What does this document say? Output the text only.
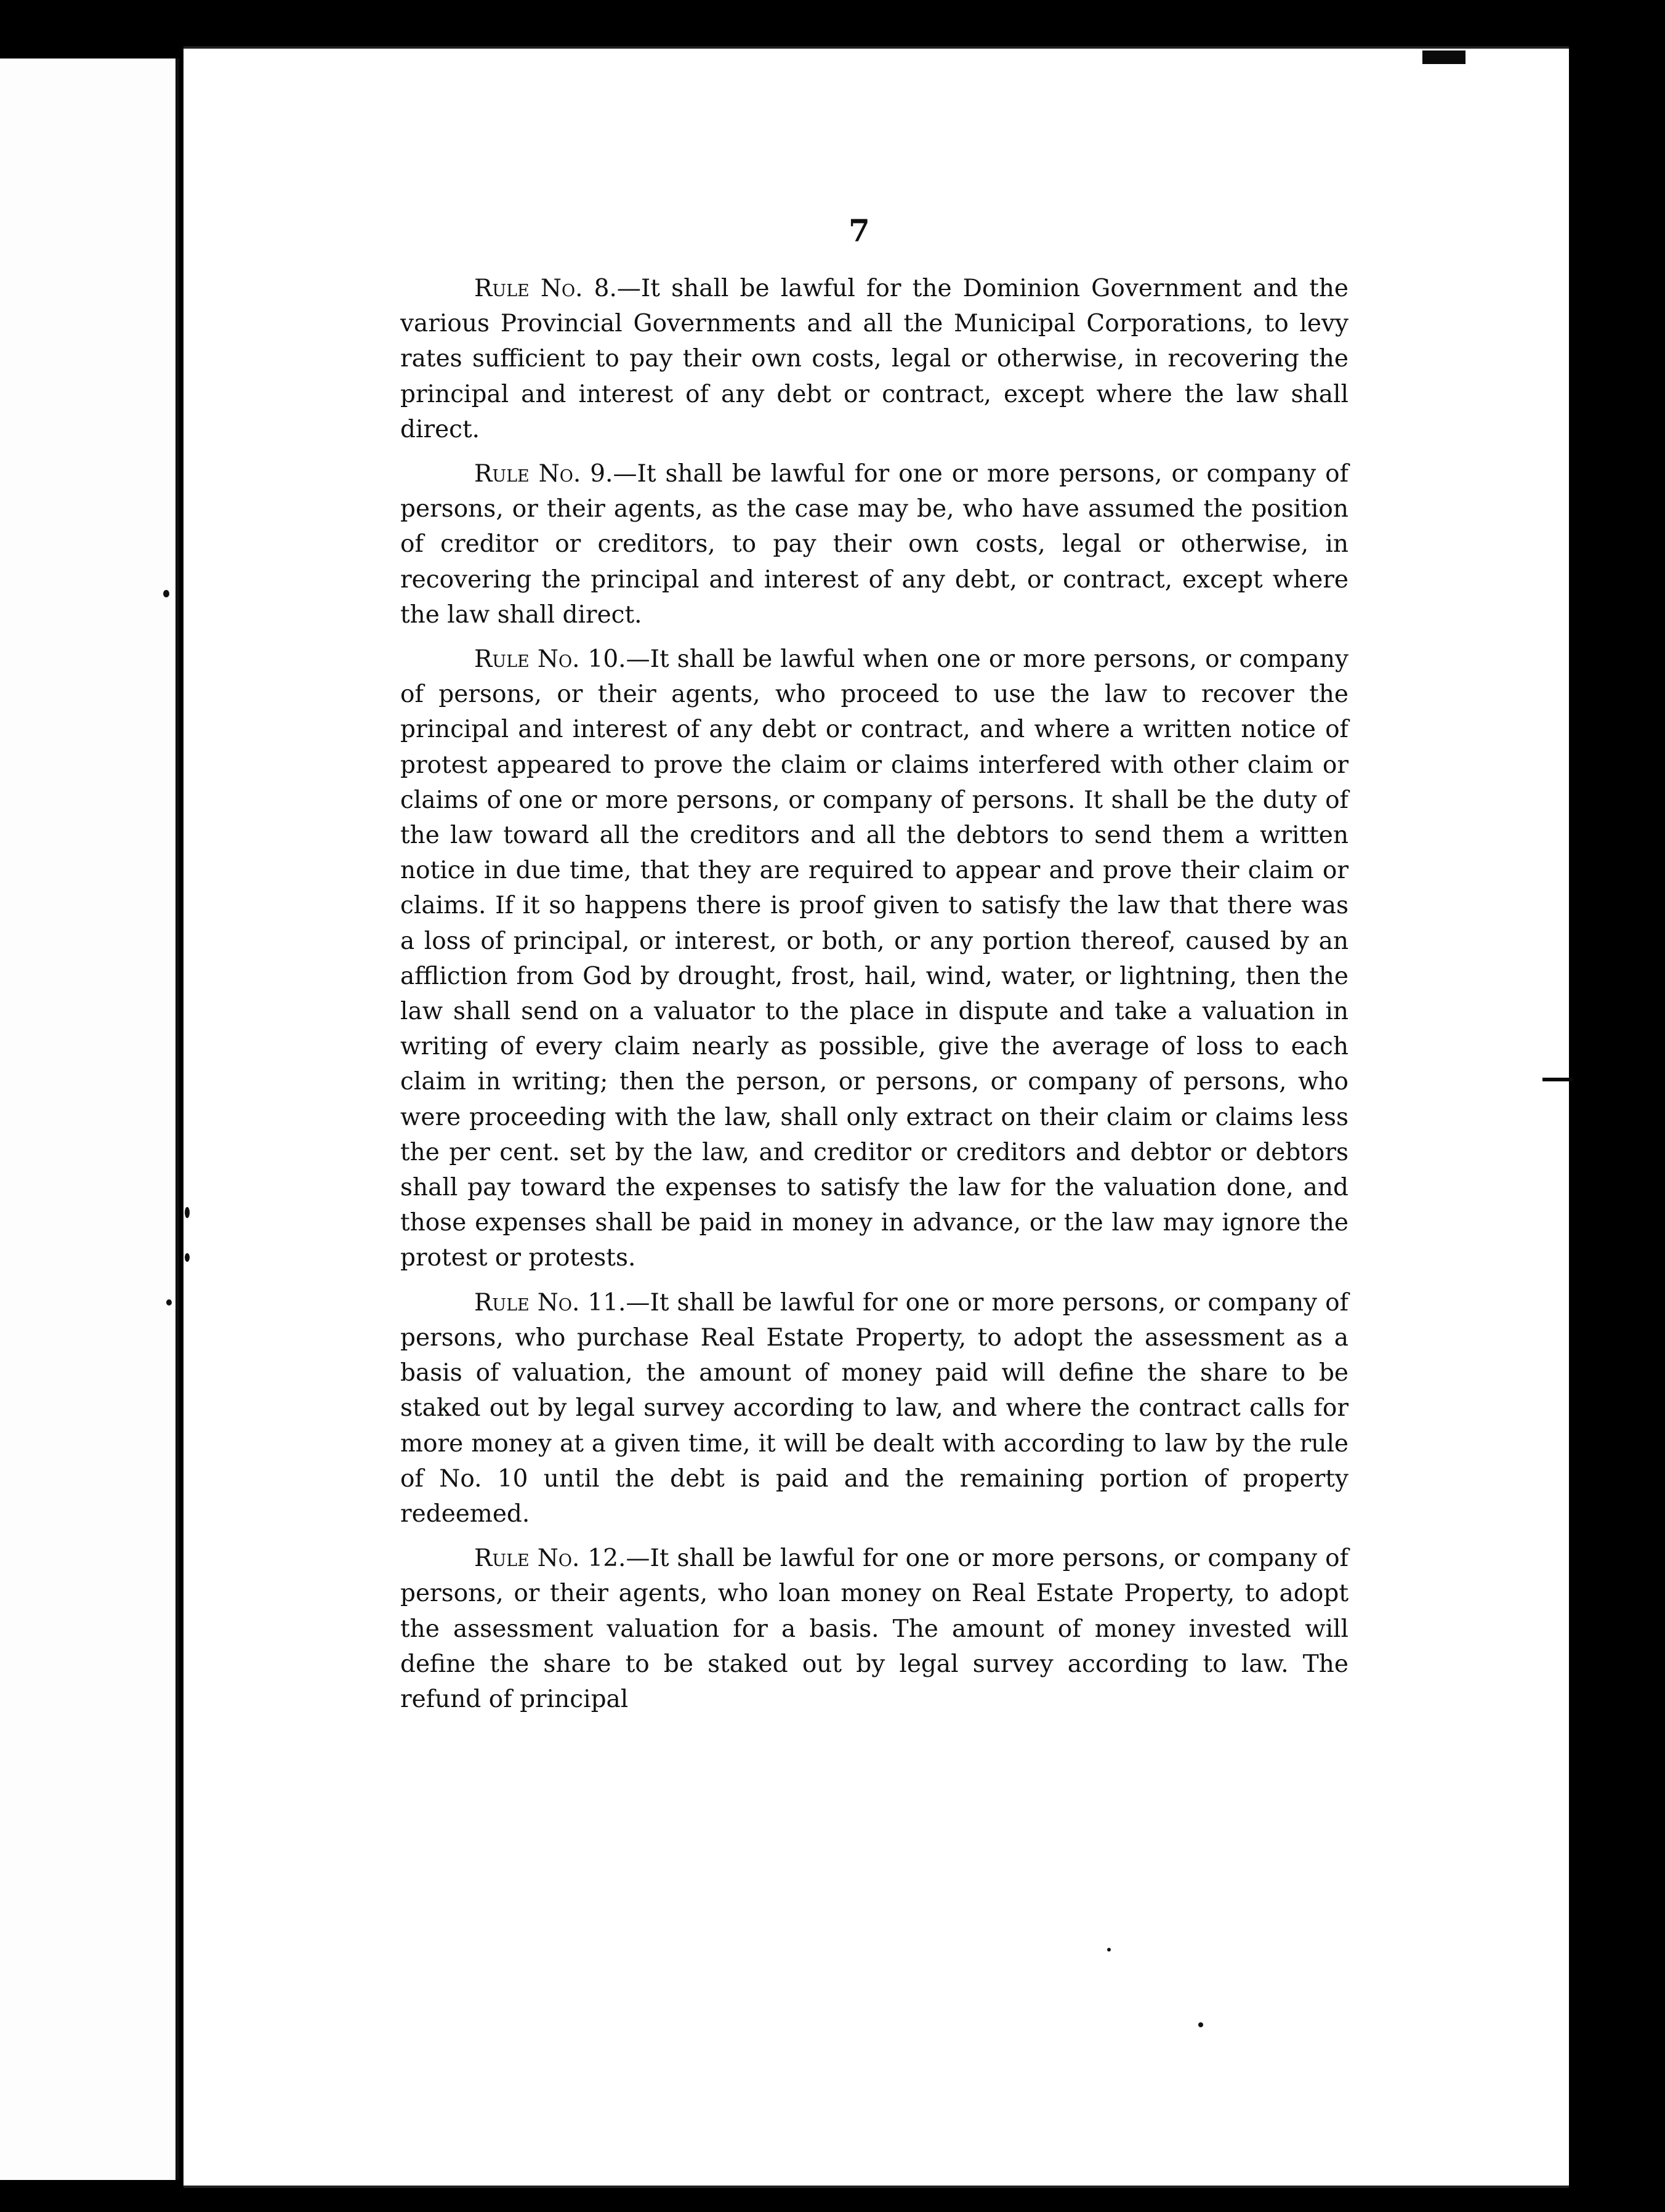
7

Rule No. 8.—It shall be lawful for the Dominion Government and the various Provincial Governments and all the Municipal Corporations, to levy rates sufficient to pay their own costs, legal or otherwise, in recovering the principal and interest of any debt or contract, except where the law shall direct.

Rule No. 9.—It shall be lawful for one or more persons, or company of persons, or their agents, as the case may be, who have assumed the position of creditor or creditors, to pay their own costs, legal or otherwise, in recovering the principal and interest of any debt, or contract, except where the law shall direct.

Rule No. 10.—It shall be lawful when one or more persons, or company of persons, or their agents, who proceed to use the law to recover the principal and interest of any debt or contract, and where a written notice of protest appeared to prove the claim or claims interfered with other claim or claims of one or more persons, or company of persons. It shall be the duty of the law toward all the creditors and all the debtors to send them a written notice in due time, that they are required to appear and prove their claim or claims. If it so happens there is proof given to satisfy the law that there was a loss of principal, or interest, or both, or any portion thereof, caused by an affliction from God by drought, frost, hail, wind, water, or lightning, then the law shall send on a valuator to the place in dispute and take a valuation in writing of every claim nearly as possible, give the average of loss to each claim in writing; then the person, or persons, or company of persons, who were proceeding with the law, shall only extract on their claim or claims less the per cent. set by the law, and creditor or creditors and debtor or debtors shall pay toward the expenses to satisfy the law for the valuation done, and those expenses shall be paid in money in advance, or the law may ignore the protest or protests.

Rule No. 11.—It shall be lawful for one or more persons, or company of persons, who purchase Real Estate Property, to adopt the assessment as a basis of valuation, the amount of money paid will define the share to be staked out by legal survey according to law, and where the contract calls for more money at a given time, it will be dealt with according to law by the rule of No. 10 until the debt is paid and the remaining portion of property redeemed.

Rule No. 12.—It shall be lawful for one or more persons, or company of persons, or their agents, who loan money on Real Estate Property, to adopt the assessment valuation for a basis. The amount of money invested will define the share to be staked out by legal survey according to law. The refund of principal
